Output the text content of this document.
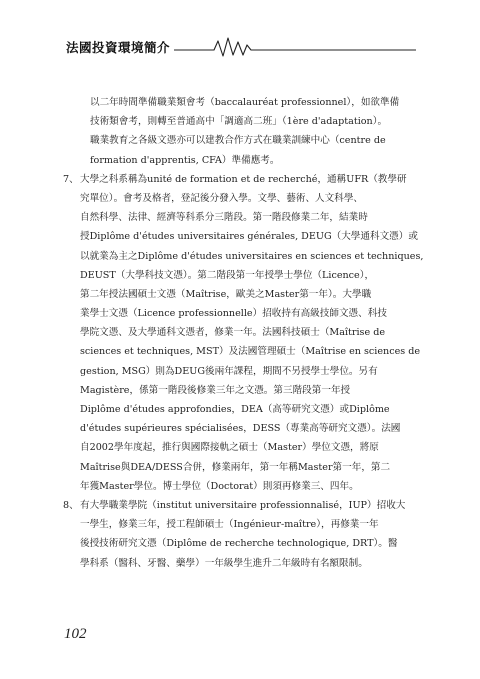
法國投資環境簡介
以二年時間準備職業類會考（baccalauréat professionnel），如欲準備
技術類會考，則轉至普通高中「調適高二班」（1ère d'adaptation）。
職業教育之各級文憑亦可以建教合作方式在職業訓練中心（centre de
formation d'apprentis, CFA）準備應考。
7、 大學之科系稱為unité de formation et de recherché，通稱UFR（教學研
究單位）。會考及格者，登記後分發入學。文學、藝術、人文科學、
自然科學、法律、經濟等科系分三階段。第一階段修業二年，結業時
授Diplôme d'études universitaires générales, DEUG（大學通科文憑）或
以就業為主之Diplôme d'études universitaires en sciences et techniques,
DEUST（大學科技文憑）。第二階段第一年授學士學位（Licence），
第二年授法國碩士文憑（Maîtrise，歐美之Master第一年）。大學職
業學士文憑（Licence professionnelle）招收持有高級技師文憑、科技
學院文憑、及大學通科文憑者，修業一年。法國科技碩士（Maîtrise de
sciences et techniques, MST）及法國管理碩士（Maîtrise en sciences de
gestion, MSG）則為DEUG後兩年課程，期間不另授學士學位。另有
Magistère，係第一階段後修業三年之文憑。第三階段第一年授
Diplôme d'études approfondies，DEA（高等研究文憑）或Diplôme
d'études supérieures spécialisées，DESS（專業高等研究文憑）。法國
自2002學年度起，推行與國際接軌之碩士（Master）學位文憑，將原
Maîtrise與DEA/DESS合併，修業兩年，第一年稱Master第一年，第二
年獲Master學位。博士學位（Doctorat）則須再修業三、四年。
8、 有大學職業學院（institut universitaire professionnalisé，IUP）招收大
一學生，修業三年，授工程師碩士（Ingénieur-maître），再修業一年
後授技術研究文憑（Diplôme de recherche technologique, DRT）。醫
學科系（醫科、牙醫、藥學）一年級學生進升二年級時有名額限制。
102
